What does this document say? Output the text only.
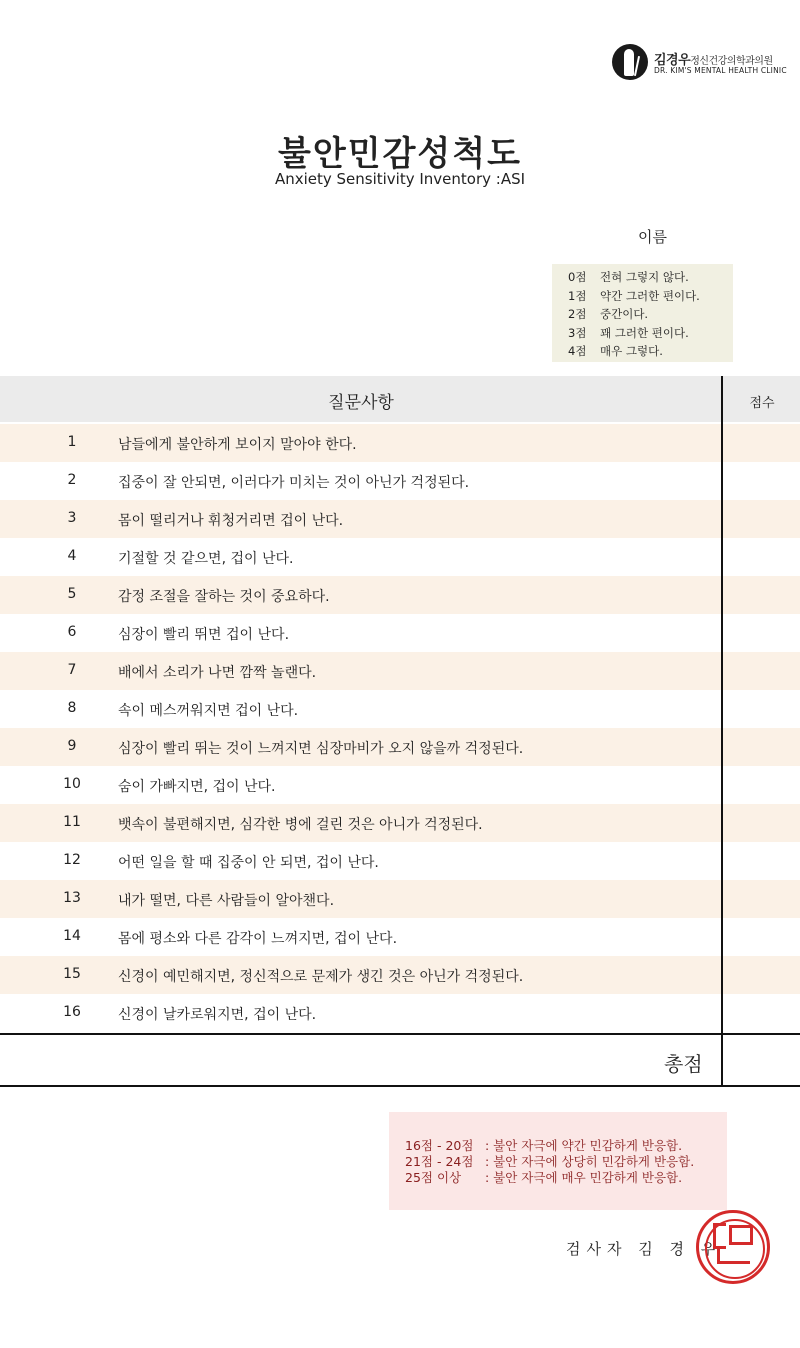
김경우정신건강의학과의원
DR. KIM'S MENTAL HEALTH CLINIC
불안민감성척도
Anxiety Sensitivity Inventory :ASI
이름
0점 전혀 그렇지 않다.
1점 약간 그러한 편이다.
2점 중간이다.
3점 꽤 그러한 편이다.
4점 매우 그렇다.
질문사항	점수
1	남들에게 불안하게 보이지 말아야 한다.
2	집중이 잘 안되면, 이러다가 미치는 것이 아닌가 걱정된다.
3	몸이 떨리거나 휘청거리면 겁이 난다.
4	기절할 것 같으면, 겁이 난다.
5	감정 조절을 잘하는 것이 중요하다.
6	심장이 빨리 뛰면 겁이 난다.
7	배에서 소리가 나면 깜짝 놀랜다.
8	속이 메스꺼워지면 겁이 난다.
9	심장이 빨리 뛰는 것이 느껴지면 심장마비가 오지 않을까 걱정된다.
10	숨이 가빠지면, 겁이 난다.
11	뱃속이 불편해지면, 심각한 병에 걸린 것은 아니가 걱정된다.
12	어떤 일을 할 때 집중이 안 되면, 겁이 난다.
13	내가 떨면, 다른 사람들이 알아챈다.
14	몸에 평소와 다른 감각이 느껴지면, 겁이 난다.
15	신경이 예민해지면, 정신적으로 문제가 생긴 것은 아닌가 걱정된다.
16	신경이 날카로워지면, 겁이 난다.
총점
16점 - 20점 : 불안 자극에 약간 민감하게 반응함.
21점 - 24점 : 불안 자극에 상당히 민감하게 반응함.
25점 이상 : 불안 자극에 매우 민감하게 반응함.
검사자 김 경 우
